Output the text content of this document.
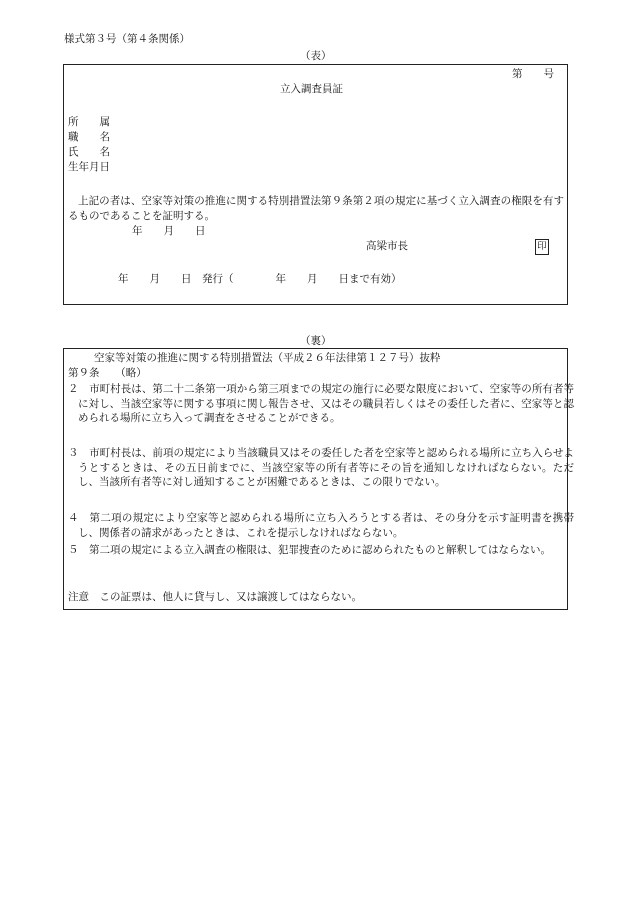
様式第３号（第４条関係）
（表）
第　　号
立入調査員証
所　　属
職　　名
氏　　名
生年月日
上記の者は、空家等対策の推進に関する特別措置法第９条第２項の規定に基づく立入調査の権限を有するものであることを証明する。
年　　月　　日
高梁市長	印
年　　月　　日　発行（　　　　年　　月　　日まで有効）
（裏）
空家等対策の推進に関する特別措置法（平成２６年法律第１２７号）抜粋
第９条　　（略）
２　市町村長は、第二十二条第一項から第三項までの規定の施行に必要な限度において、空家等の所有者等に対し、当該空家等に関する事項に関し報告させ、又はその職員若しくはその委任した者に、空家等と認められる場所に立ち入って調査をさせることができる。
３　市町村長は、前項の規定により当該職員又はその委任した者を空家等と認められる場所に立ち入らせようとするときは、その五日前までに、当該空家等の所有者等にその旨を通知しなければならない。ただし、当該所有者等に対し通知することが困難であるときは、この限りでない。
４　第二項の規定により空家等と認められる場所に立ち入ろうとする者は、その身分を示す証明書を携帯し、関係者の請求があったときは、これを提示しなければならない。
５　第二項の規定による立入調査の権限は、犯罪捜査のために認められたものと解釈してはならない。
注意　この証票は、他人に貸与し、又は譲渡してはならない。
